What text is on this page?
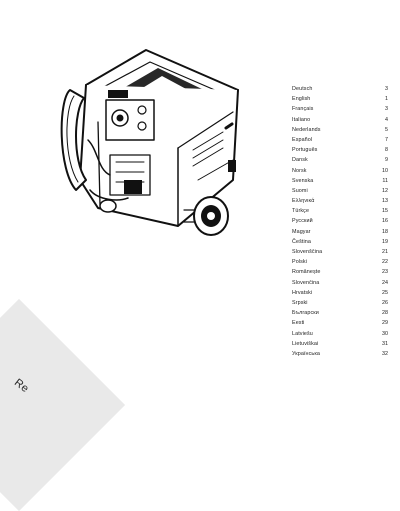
Deutsch	3
English	1
Français	3
Italiano	4
Nederlands	5
Español	7
Português	8
Dansk	9
Norsk	10
Svenska	11
Suomi	12
Ελληνικά	13
Türkçe	15
Русский	16
Magyar	18
Čeština	19
Slovenščina	21
Polski	22
Românește	23
Slovenčina	24
Hrvatski	25
Srpski	26
Български	28
Eesti	29
Latviešu	30
Lietuviškai	31
Українська	32
Re
